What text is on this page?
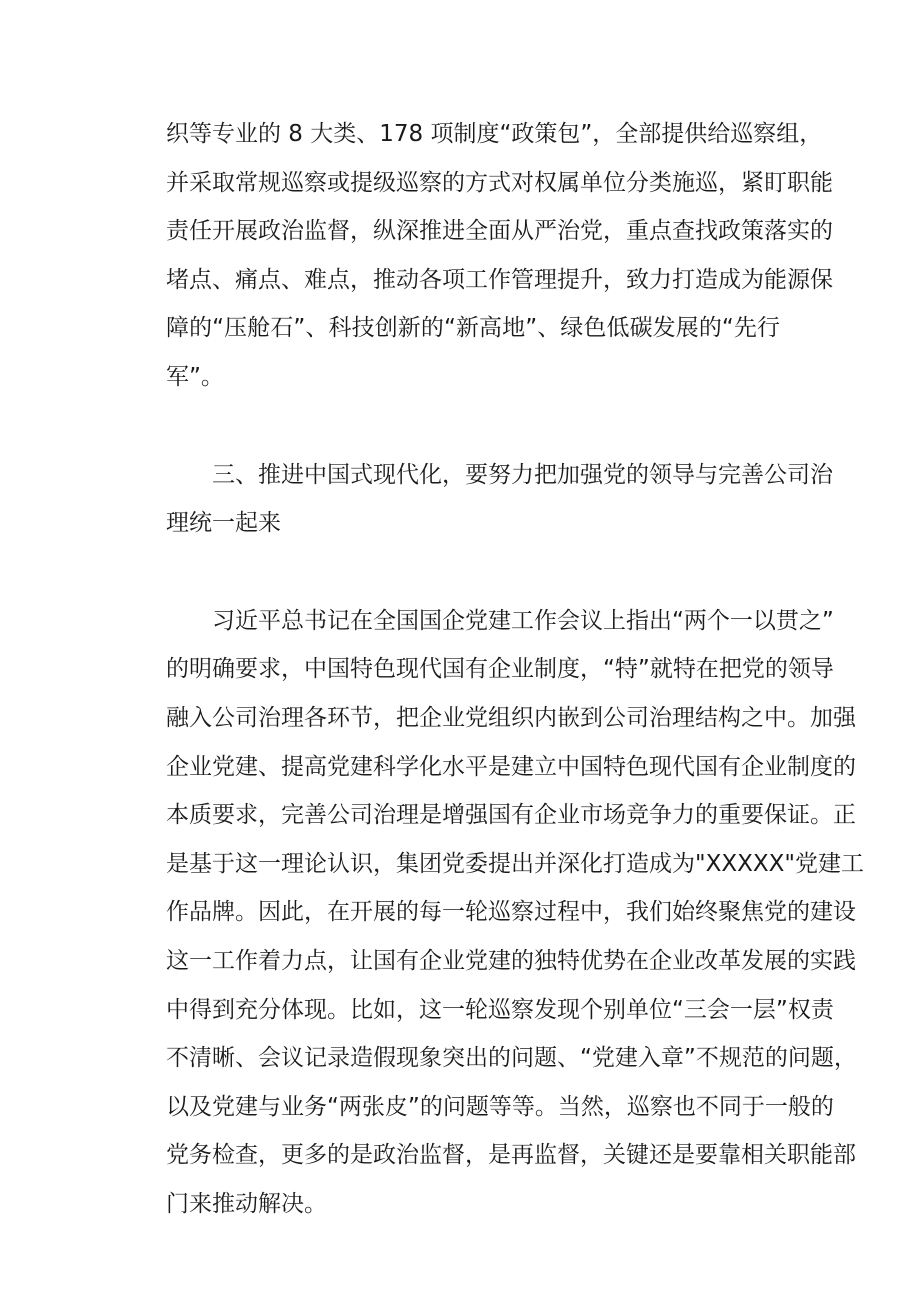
织等专业的 8 大类、178 项制度“政策包”，全部提供给巡察组，
并采取常规巡察或提级巡察的方式对权属单位分类施巡，紧盯职能
责任开展政治监督，纵深推进全面从严治党，重点查找政策落实的
堵点、痛点、难点，推动各项工作管理提升，致力打造成为能源保
障的“压舱石”、科技创新的“新高地”、绿色低碳发展的“先行
军”。
三、推进中国式现代化，要努力把加强党的领导与完善公司治
理统一起来
习近平总书记在全国国企党建工作会议上指出“两个一以贯之”
的明确要求，中国特色现代国有企业制度，“特”就特在把党的领导
融入公司治理各环节，把企业党组织内嵌到公司治理结构之中。加强
企业党建、提高党建科学化水平是建立中国特色现代国有企业制度的
本质要求，完善公司治理是增强国有企业市场竞争力的重要保证。正
是基于这一理论认识，集团党委提出并深化打造成为"XXXXX"党建工
作品牌。因此，在开展的每一轮巡察过程中，我们始终聚焦党的建设
这一工作着力点，让国有企业党建的独特优势在企业改革发展的实践
中得到充分体现。比如，这一轮巡察发现个别单位“三会一层”权责
不清晰、会议记录造假现象突出的问题、“党建入章”不规范的问题，
以及党建与业务“两张皮”的问题等等。当然，巡察也不同于一般的
党务检查，更多的是政治监督，是再监督，关键还是要靠相关职能部
门来推动解决。
